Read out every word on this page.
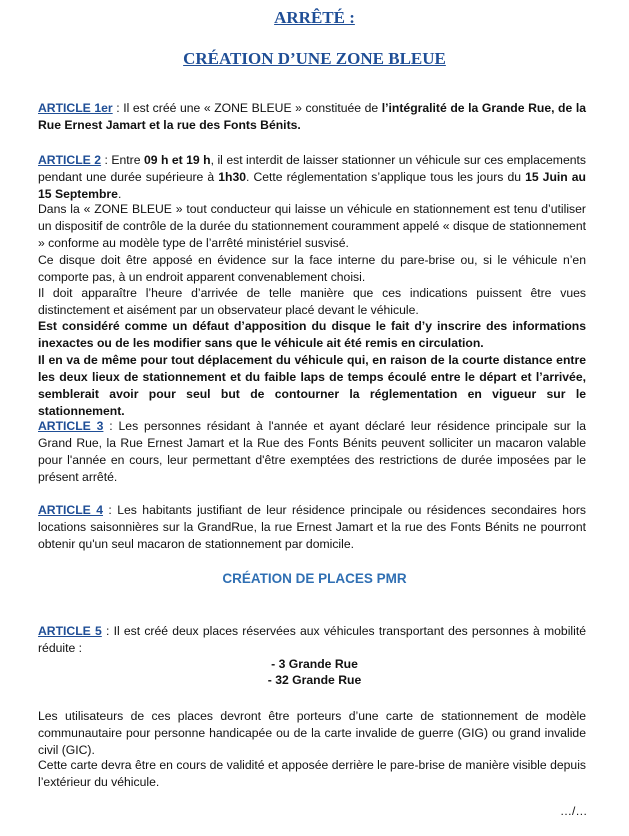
ARRÊTÉ :
CRÉATION D’UNE ZONE BLEUE

ARTICLE 1er : Il est créé une « ZONE BLEUE » constituée de l’intégralité de la Grande Rue, de la Rue Ernest Jamart et la rue des Fonts Bénits.

ARTICLE 2 : Entre 09 h et 19 h, il est interdit de laisser stationner un véhicule sur ces emplacements pendant une durée supérieure à 1h30. Cette réglementation s’applique tous les jours du 15 Juin au 15 Septembre.

Dans la « ZONE BLEUE » tout conducteur qui laisse un véhicule en stationnement est tenu d’utiliser un dispositif de contrôle de la durée du stationnement couramment appelé « disque de stationnement » conforme au modèle type de l’arrêté ministériel susvisé.

Ce disque doit être apposé en évidence sur la face interne du pare-brise ou, si le véhicule n’en comporte pas, à un endroit apparent convenablement choisi.

Il doit apparaître l’heure d’arrivée de telle manière que ces indications puissent être vues distinctement et aisément par un observateur placé devant le véhicule.

Est considéré comme un défaut d’apposition du disque le fait d’y inscrire des informations inexactes ou de les modifier sans que le véhicule ait été remis en circulation.

Il en va de même pour tout déplacement du véhicule qui, en raison de la courte distance entre les deux lieux de stationnement et du faible laps de temps écoulé entre le départ et l’arrivée, semblerait avoir pour seul but de contourner la réglementation en vigueur sur le stationnement.

ARTICLE 3 : Les personnes résidant à l'année et ayant déclaré leur résidence principale sur la Grand Rue, la Rue Ernest Jamart et la Rue des Fonts Bénits peuvent solliciter un macaron valable pour l'année en cours, leur permettant d'être exemptées des restrictions de durée imposées par le présent arrêté.

ARTICLE 4 : Les habitants justifiant de leur résidence principale ou résidences secondaires hors locations saisonnières sur la GrandRue, la rue Ernest Jamart et la rue des Fonts Bénits ne pourront obtenir qu'un seul macaron de stationnement par domicile.

CRÉATION DE PLACES PMR

ARTICLE 5 : Il est créé deux places réservées aux véhicules transportant des personnes à mobilité réduite :

- 3 Grande Rue
- 32 Grande Rue

Les utilisateurs de ces places devront être porteurs d’une carte de stationnement de modèle communautaire pour personne handicapée ou de la carte invalide de guerre (GIG) ou grand invalide civil (GIC).

Cette carte devra être en cours de validité et apposée derrière le pare-brise de manière visible depuis l’extérieur du véhicule.

…/…
